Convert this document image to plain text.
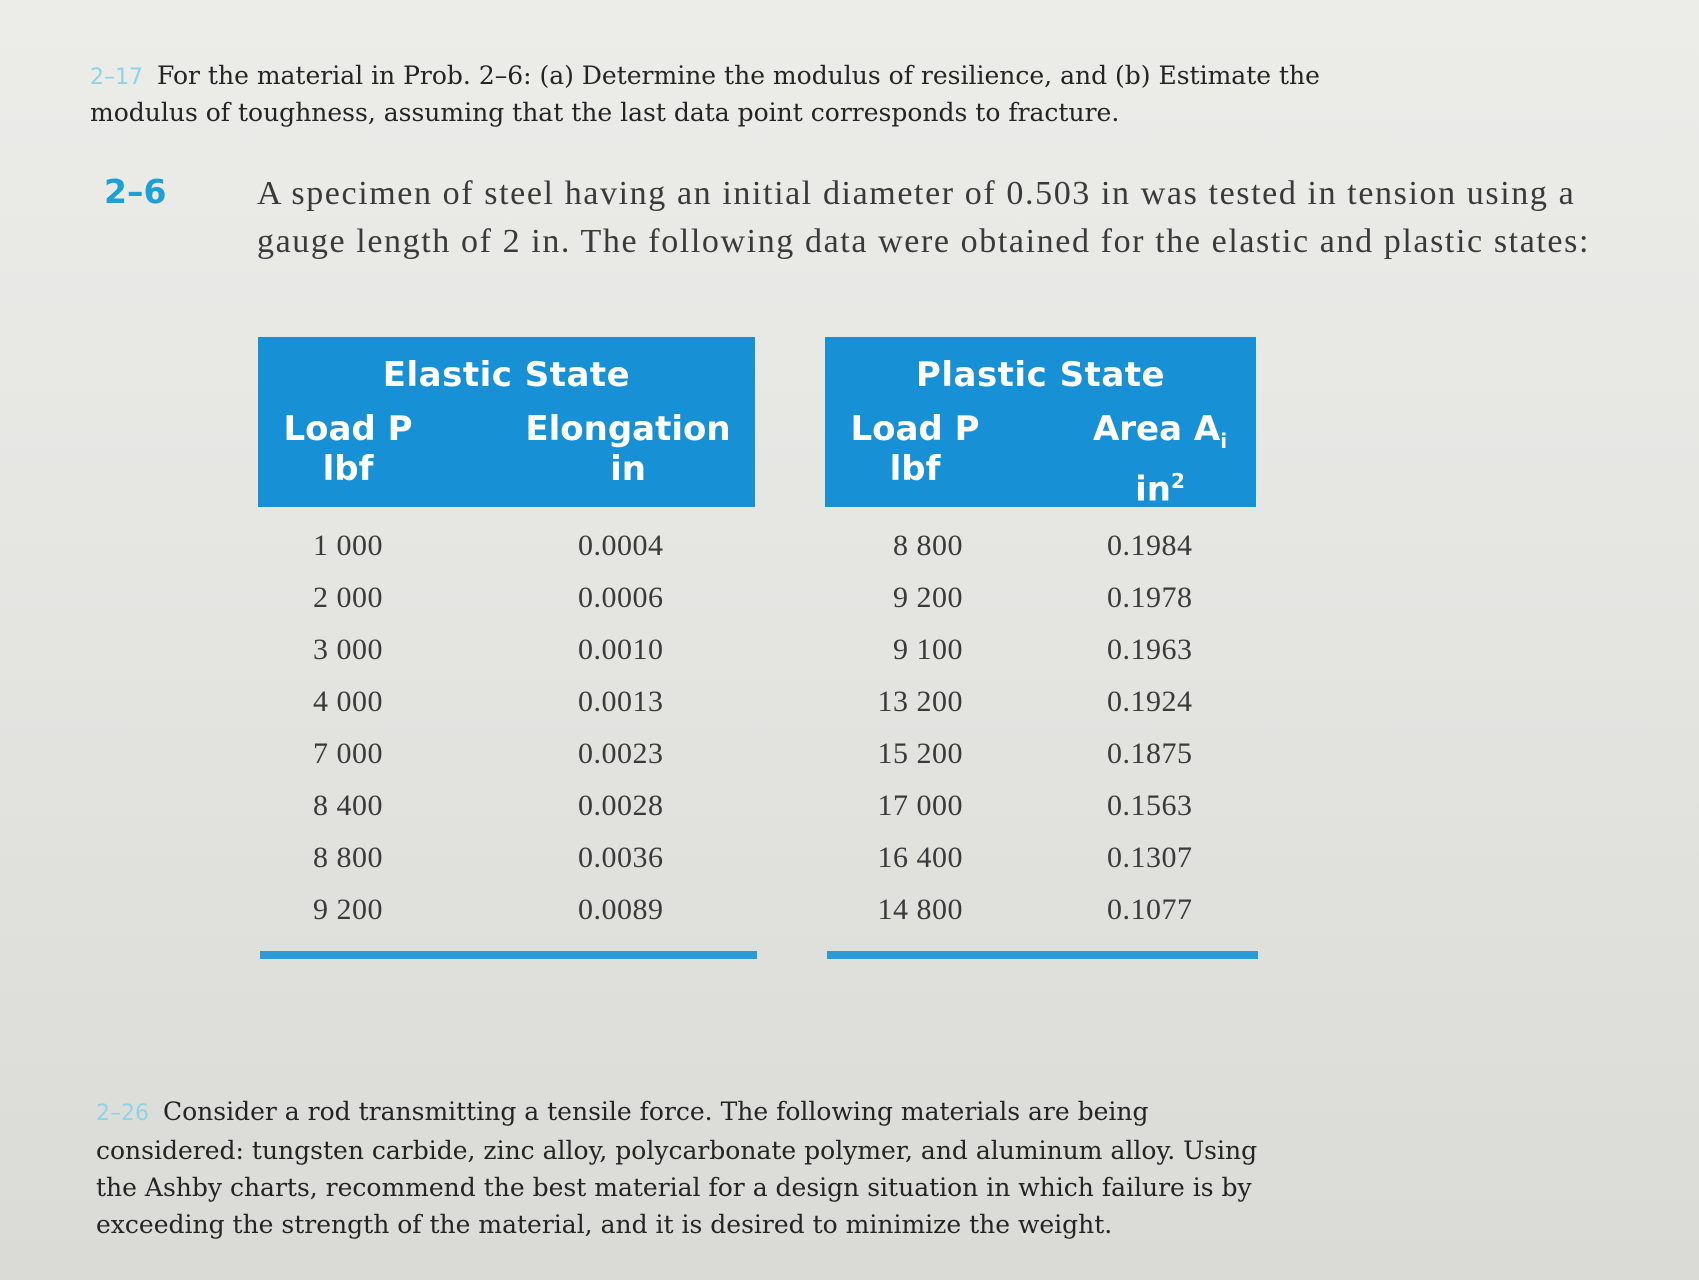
2–17 For the material in Prob. 2–6: (a) Determine the modulus of resilience, and (b) Estimate the
modulus of toughness, assuming that the last data point corresponds to fracture.
2–6	A specimen of steel having an initial diameter of 0.503 in was tested in tension using a gauge length of 2 in. The following data were obtained for the elastic and plastic states:
Elastic State
Load P
lbf
Elongation
in
1 000	0.0004
2 000	0.0006
3 000	0.0010
4 000	0.0013
7 000	0.0023
8 400	0.0028
8 800	0.0036
9 200	0.0089
Plastic State
Load P
lbf
Area $A_i$
$in^2$
8 800	0.1984
9 200	0.1978
9 100	0.1963
13 200	0.1924
15 200	0.1875
17 000	0.1563
16 400	0.1307
14 800	0.1077
2–26 Consider a rod transmitting a tensile force. The following materials are being considered: tungsten carbide, zinc alloy, polycarbonate polymer, and aluminum alloy. Using the Ashby charts, recommend the best material for a design situation in which failure is by exceeding the strength of the material, and it is desired to minimize the weight.
